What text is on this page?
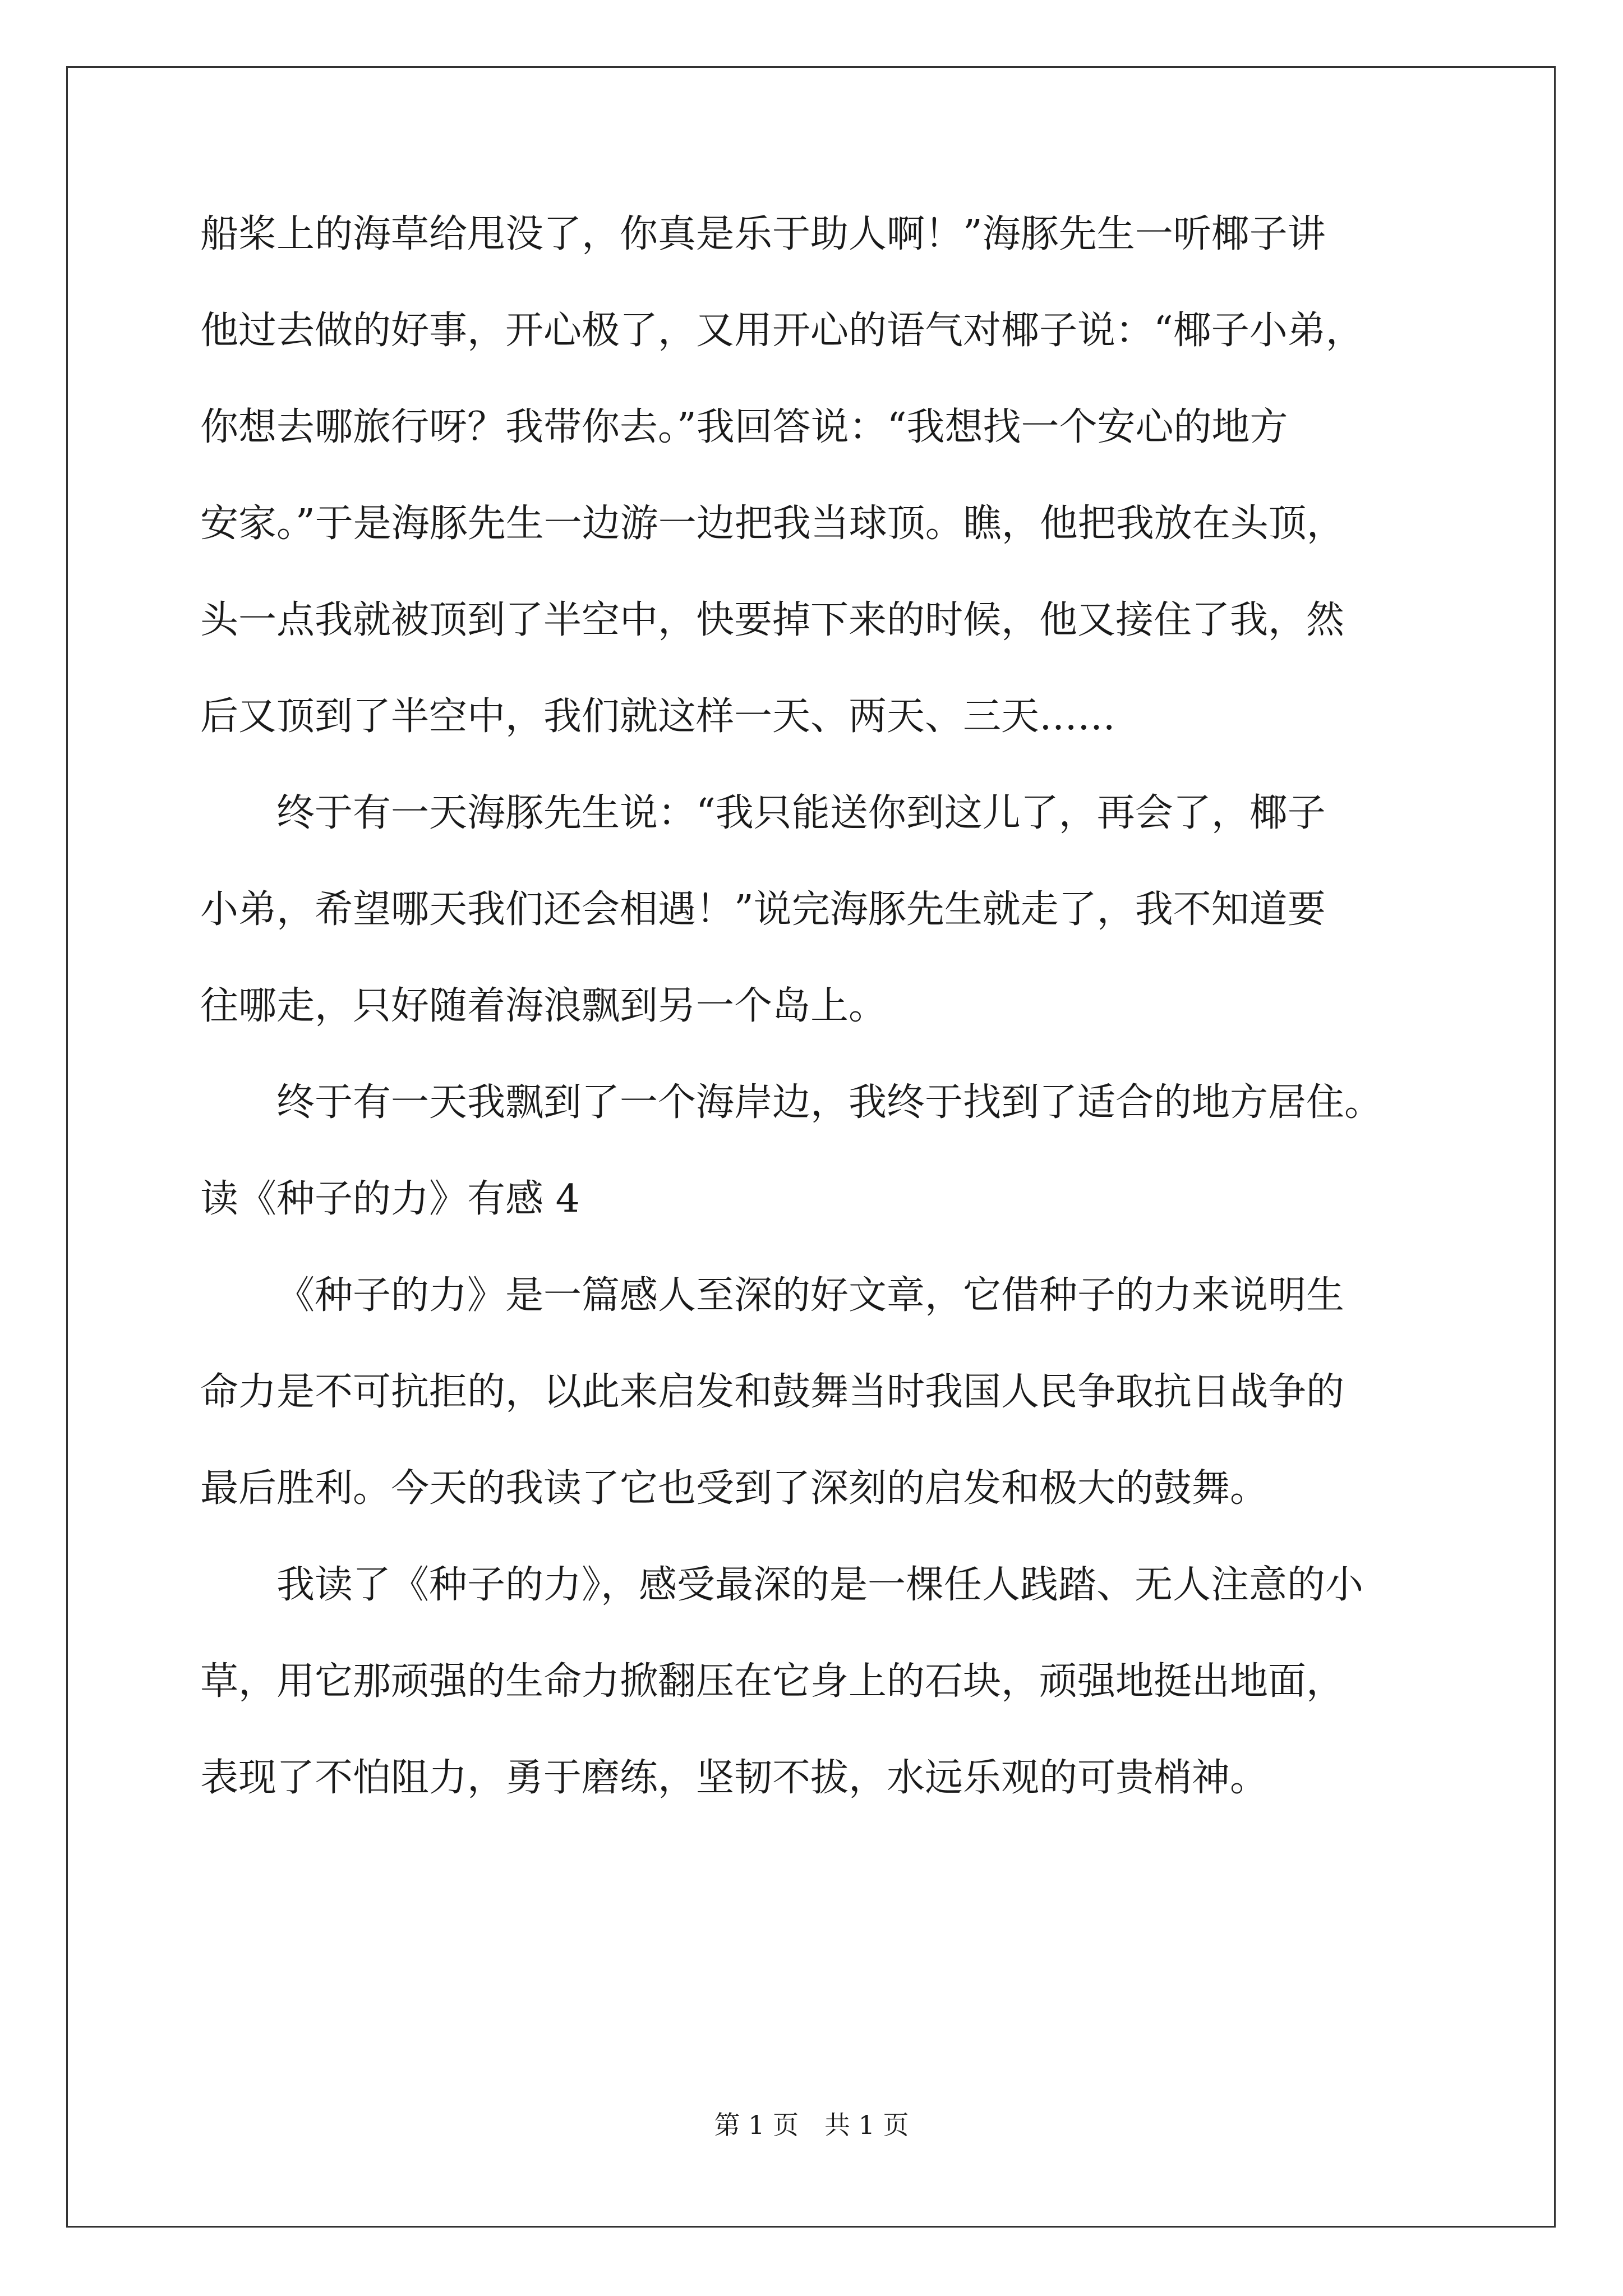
船桨上的海草给甩没了，你真是乐于助人啊！”海豚先生一听椰子讲

他过去做的好事，开心极了，又用开心的语气对椰子说：“椰子小弟，

你想去哪旅行呀？我带你去。”我回答说：“我想找一个安心的地方

安家。”于是海豚先生一边游一边把我当球顶。瞧，他把我放在头顶，

头一点我就被顶到了半空中，快要掉下来的时候，他又接住了我，然

后又顶到了半空中，我们就这样一天、两天、三天……

终于有一天海豚先生说：“我只能送你到这儿了，再会了，椰子

小弟，希望哪天我们还会相遇！”说完海豚先生就走了，我不知道要

往哪走，只好随着海浪飘到另一个岛上。

终于有一天我飘到了一个海岸边，我终于找到了适合的地方居住。

读《种子的力》有感 4

《种子的力》是一篇感人至深的好文章，它借种子的力来说明生

命力是不可抗拒的，以此来启发和鼓舞当时我国人民争取抗日战争的

最后胜利。今天的我读了它也受到了深刻的启发和极大的鼓舞。

我读了《种子的力》，感受最深的是一棵任人践踏、无人注意的小

草，用它那顽强的生命力掀翻压在它身上的石块，顽强地挺出地面，

表现了不怕阻力，勇于磨练，坚韧不拔，水远乐观的可贵梢神。

第 1 页　共 1 页
